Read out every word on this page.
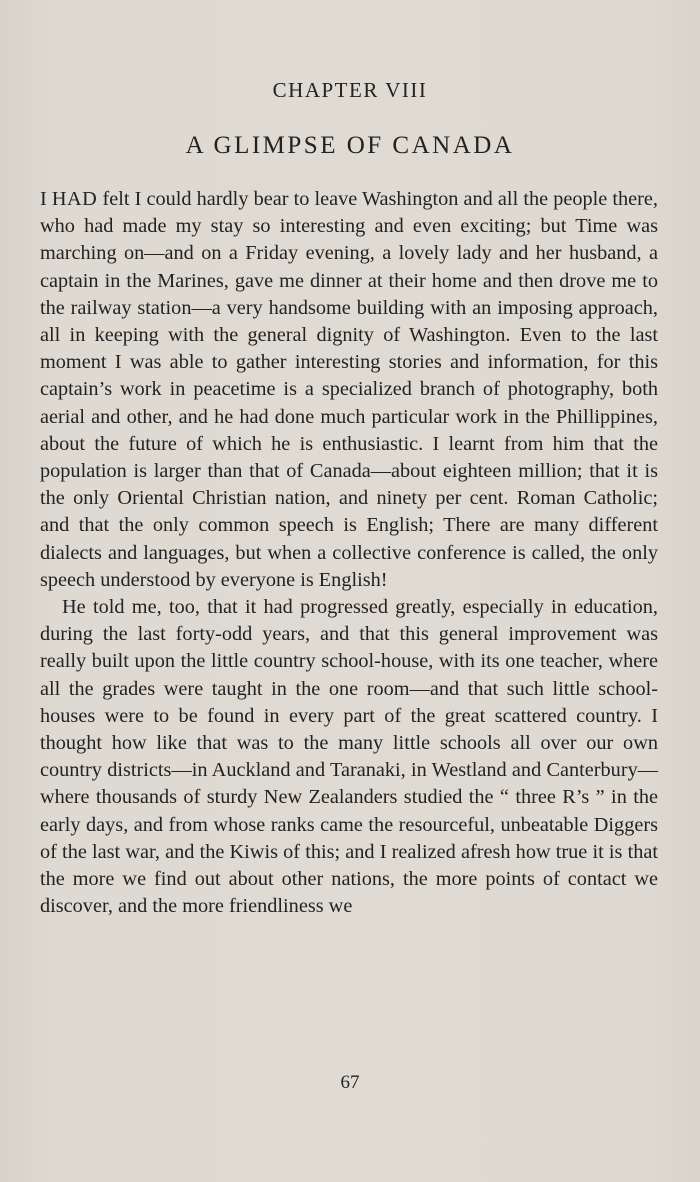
CHAPTER VIII
A GLIMPSE OF CANADA

I HAD felt I could hardly bear to leave Washington and all the people there, who had made my stay so interesting and even exciting; but Time was marching on—and on a Friday evening, a lovely lady and her husband, a captain in the Marines, gave me dinner at their home and then drove me to the railway station—a very handsome building with an imposing approach, all in keeping with the general dignity of Washington. Even to the last moment I was able to gather interesting stories and information, for this captain’s work in peacetime is a specialized branch of photography, both aerial and other, and he had done much particular work in the Phillippines, about the future of which he is enthusiastic. I learnt from him that the population is larger than that of Canada—about eighteen million; that it is the only Oriental Christian nation, and ninety per cent. Roman Catholic; and that the only common speech is English; There are many different dialects and languages, but when a collective conference is called, the only speech understood by everyone is English!

He told me, too, that it had progressed greatly, especially in education, during the last forty-odd years, and that this general improvement was really built upon the little country school-house, with its one teacher, where all the grades were taught in the one room—and that such little school-houses were to be found in every part of the great scattered country. I thought how like that was to the many little schools all over our own country districts—in Auckland and Taranaki, in Westland and Canterbury—where thousands of sturdy New Zealanders studied the “ three R’s ” in the early days, and from whose ranks came the resourceful, unbeatable Diggers of the last war, and the Kiwis of this; and I realized afresh how true it is that the more we find out about other nations, the more points of contact we discover, and the more friendliness we

67
